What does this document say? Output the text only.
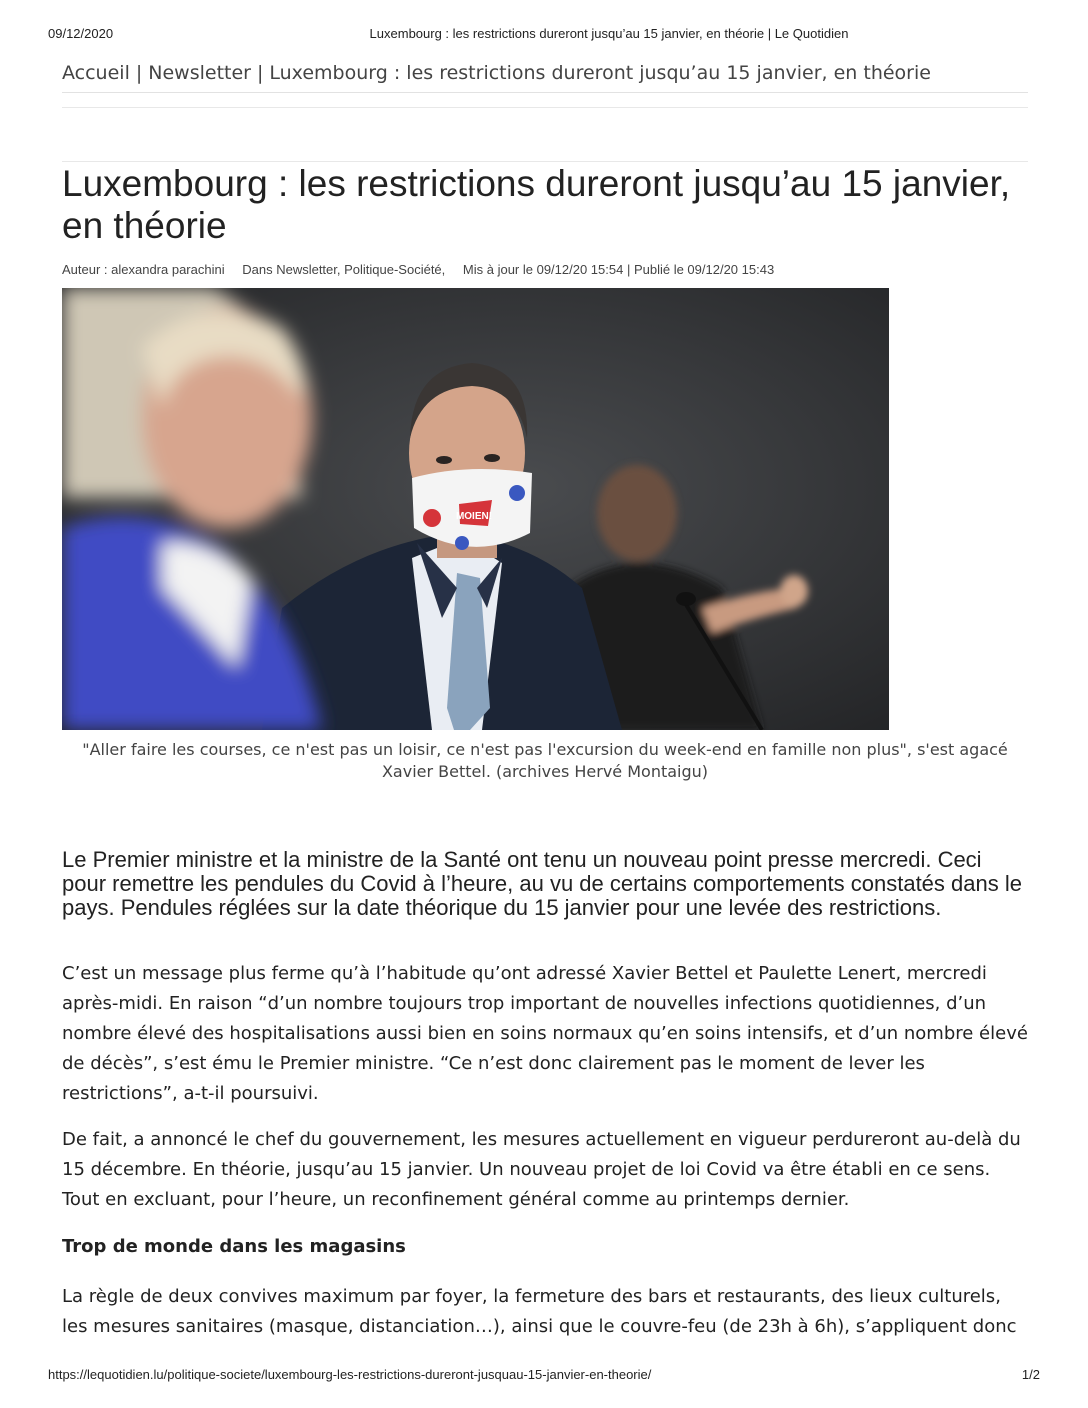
09/12/2020	Luxembourg : les restrictions dureront jusqu’au 15 janvier, en théorie | Le Quotidien
Accueil | Newsletter | Luxembourg : les restrictions dureront jusqu’au 15 janvier, en théorie
Luxembourg : les restrictions dureront jusqu’au 15 janvier, en théorie
Auteur : alexandra parachini Dans Newsletter, Politique-Société, Mis à jour le 09/12/20 15:54 | Publié le 09/12/20 15:43
MOIEN!
"Aller faire les courses, ce n'est pas un loisir, ce n'est pas l'excursion du week-end en famille non plus", s'est agacé Xavier Bettel. (archives Hervé Montaigu)

Le Premier ministre et la ministre de la Santé ont tenu un nouveau point presse mercredi. Ceci pour remettre les pendules du Covid à l’heure, au vu de certains comportements constatés dans le pays. Pendules réglées sur la date théorique du 15 janvier pour une levée des restrictions.

C’est un message plus ferme qu’à l’habitude qu’ont adressé Xavier Bettel et Paulette Lenert, mercredi après-midi. En raison “d’un nombre toujours trop important de nouvelles infections quotidiennes, d’un nombre élevé des hospitalisations aussi bien en soins normaux qu’en soins intensifs, et d’un nombre élevé de décès”, s’est ému le Premier ministre. “Ce n’est donc clairement pas le moment de lever les restrictions”, a-t-il poursuivi.

De fait, a annoncé le chef du gouvernement, les mesures actuellement en vigueur perdureront au-delà du 15 décembre. En théorie, jusqu’au 15 janvier. Un nouveau projet de loi Covid va être établi en ce sens. Tout en excluant, pour l’heure, un reconfinement général comme au printemps dernier.

Trop de monde dans les magasins

La règle de deux convives maximum par foyer, la fermeture des bars et restaurants, des lieux culturels, les mesures sanitaires (masque, distanciation…), ainsi que le couvre-feu (de 23h à 6h), s’appliquent donc

https://lequotidien.lu/politique-societe/luxembourg-les-restrictions-dureront-jusquau-15-janvier-en-theorie/	1/2
